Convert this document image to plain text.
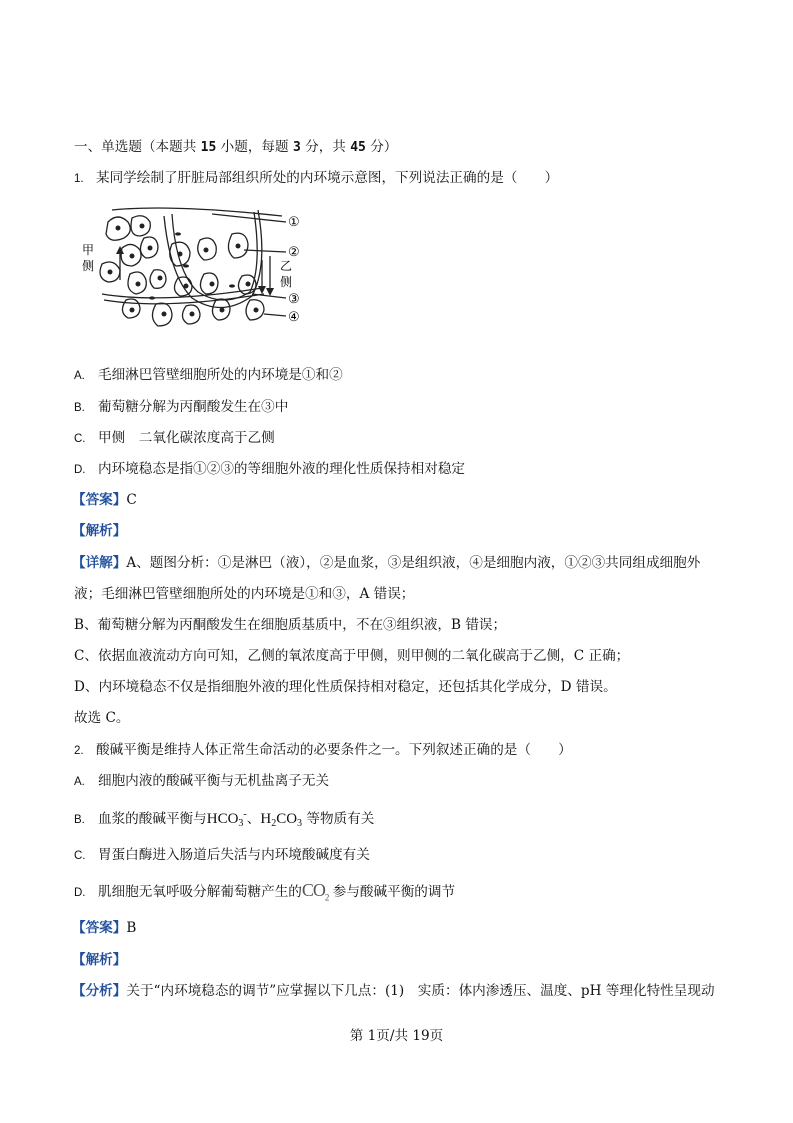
一、单选题（本题共 15 小题，每题 3 分，共 45 分）
1. 某同学绘制了肝脏局部组织所处的内环境示意图，下列说法正确的是（　　）
甲
侧	乙
侧
①
②
③
④
A. 毛细淋巴管壁细胞所处的内环境是①和②
B. 葡萄糖分解为丙酮酸发生在③中
C. 甲侧　二氧化碳浓度高于乙侧
D. 内环境稳态是指①②③的等细胞外液的理化性质保持相对稳定
【答案】C
【解析】
【详解】A、题图分析：①是淋巴（液），②是血浆，③是组织液，④是细胞内液，①②③共同组成细胞外
液；毛细淋巴管壁细胞所处的内环境是①和③，A 错误；
B、葡萄糖分解为丙酮酸发生在细胞质基质中，不在③组织液，B 错误；
C、依据血液流动方向可知，乙侧的氧浓度高于甲侧，则甲侧的二氧化碳高于乙侧，C 正确；
D、内环境稳态不仅是指细胞外液的理化性质保持相对稳定，还包括其化学成分，D 错误。
故选 C。
2. 酸碱平衡是维持人体正常生命活动的必要条件之一。下列叙述正确的是（　　）
A. 细胞内液的酸碱平衡与无机盐离子无关
B. 血浆的酸碱平衡与$HCO_3^-$、$H_2CO_3$ 等物质有关
C. 胃蛋白酶进入肠道后失活与内环境酸碱度有关
D. 肌细胞无氧呼吸分解葡萄糖产生的$CO_2$ 参与酸碱平衡的调节
【答案】B
【解析】
【分析】关于“内环境稳态的调节”应掌握以下几点：(1)　实质：体内渗透压、温度、pH 等理化特性呈现动
第 1页/共 19页
